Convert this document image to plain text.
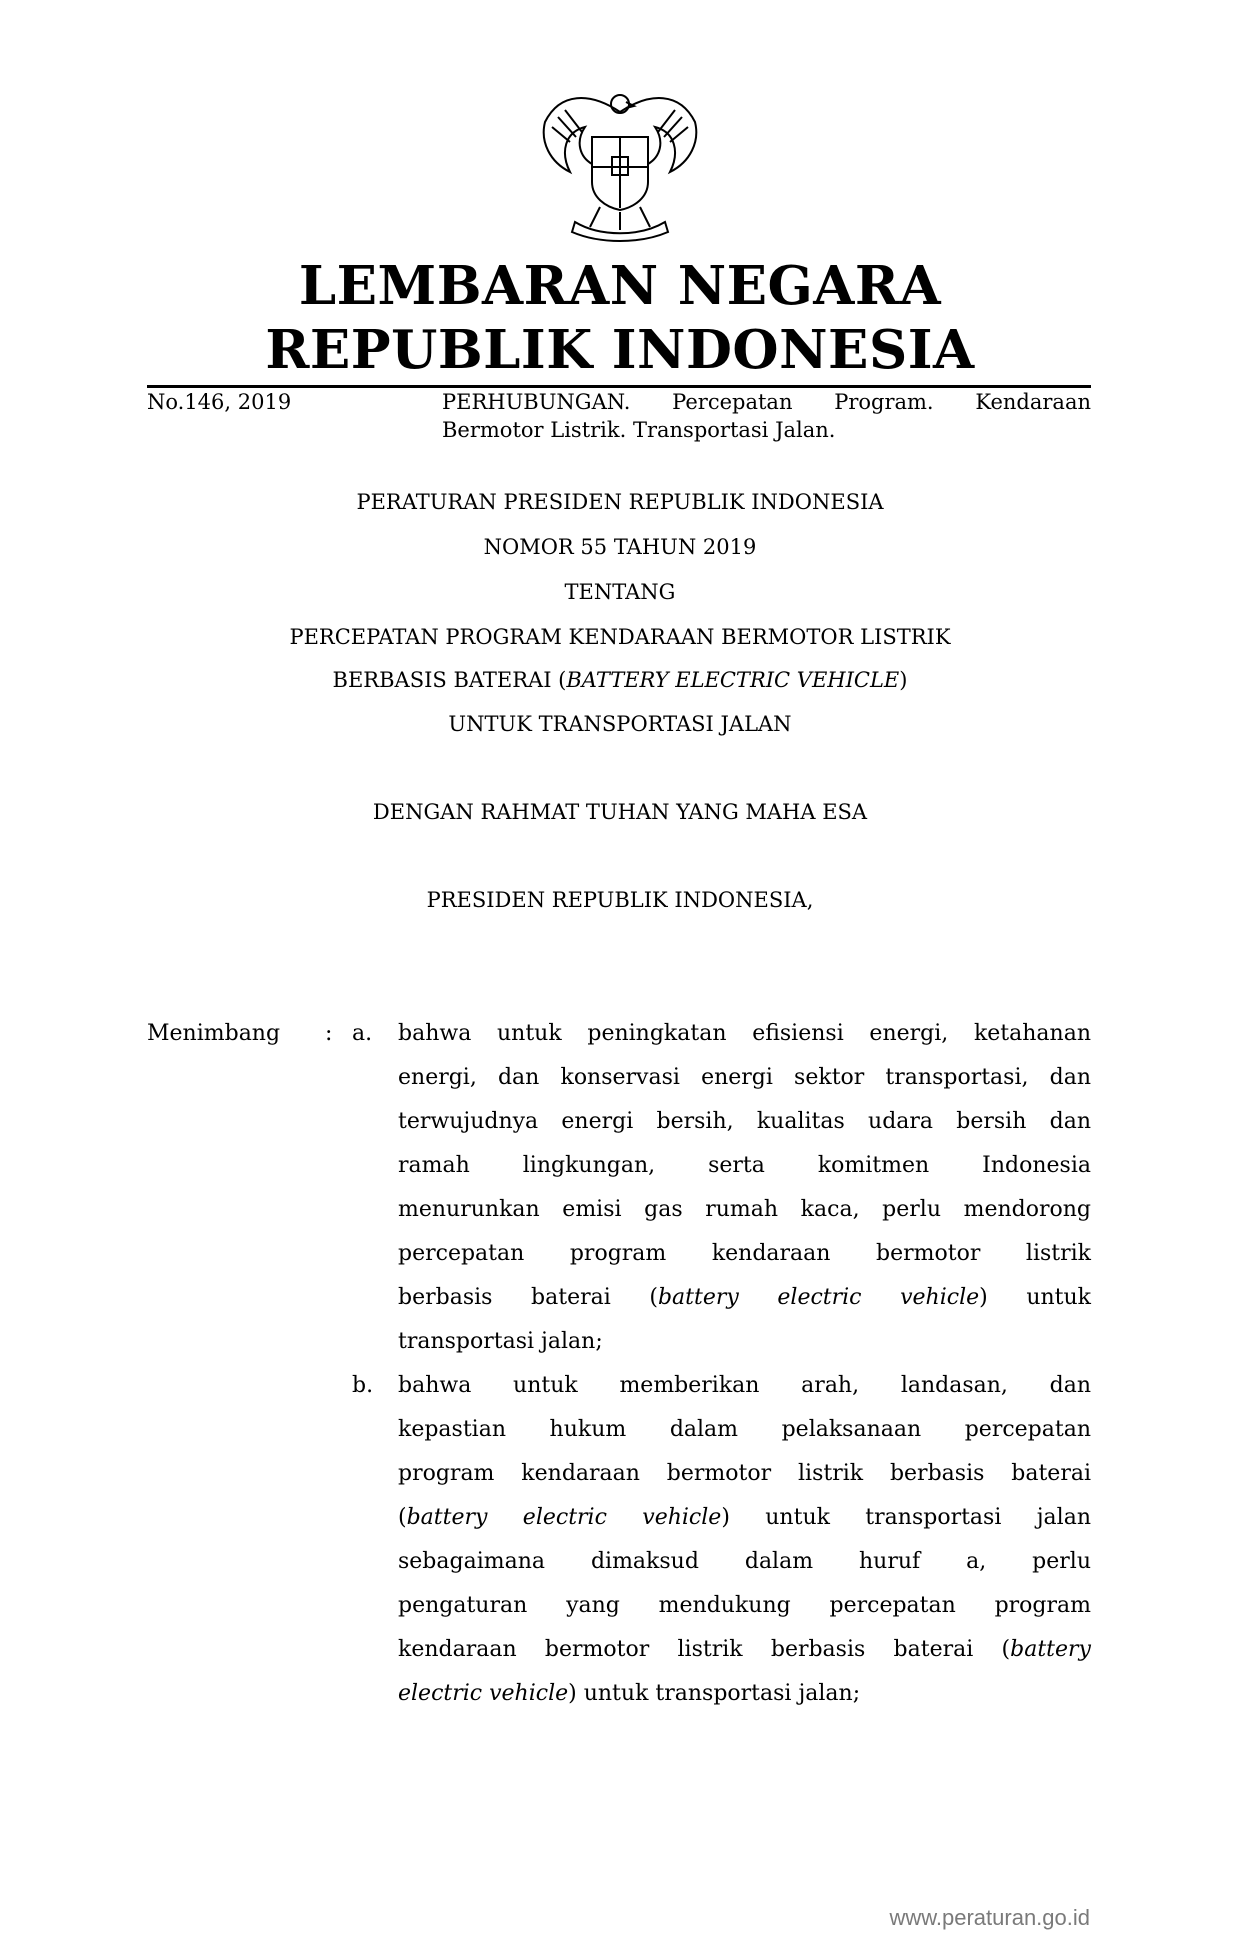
LEMBARAN NEGARA
REPUBLIK INDONESIA
No.146, 2019	PERHUBUNGAN. Percepatan Program. Kendaraan
Bermotor Listrik. Transportasi Jalan.
PERATURAN PRESIDEN REPUBLIK INDONESIA
NOMOR 55 TAHUN 2019
TENTANG
PERCEPATAN PROGRAM KENDARAAN BERMOTOR LISTRIK
BERBASIS BATERAI (BATTERY ELECTRIC VEHICLE)
UNTUK TRANSPORTASI JALAN
DENGAN RAHMAT TUHAN YANG MAHA ESA
PRESIDEN REPUBLIK INDONESIA,
Menimbang : a. bahwa untuk peningkatan efisiensi energi, ketahanan
energi, dan konservasi energi sektor transportasi, dan
terwujudnya energi bersih, kualitas udara bersih dan
ramah lingkungan, serta komitmen Indonesia
menurunkan emisi gas rumah kaca, perlu mendorong
percepatan program kendaraan bermotor listrik
berbasis baterai (battery electric vehicle) untuk
transportasi jalan;
b. bahwa untuk memberikan arah, landasan, dan
kepastian hukum dalam pelaksanaan percepatan
program kendaraan bermotor listrik berbasis baterai
(battery electric vehicle) untuk transportasi jalan
sebagaimana dimaksud dalam huruf a, perlu
pengaturan yang mendukung percepatan program
kendaraan bermotor listrik berbasis baterai (battery
electric vehicle) untuk transportasi jalan;
www.peraturan.go.id
